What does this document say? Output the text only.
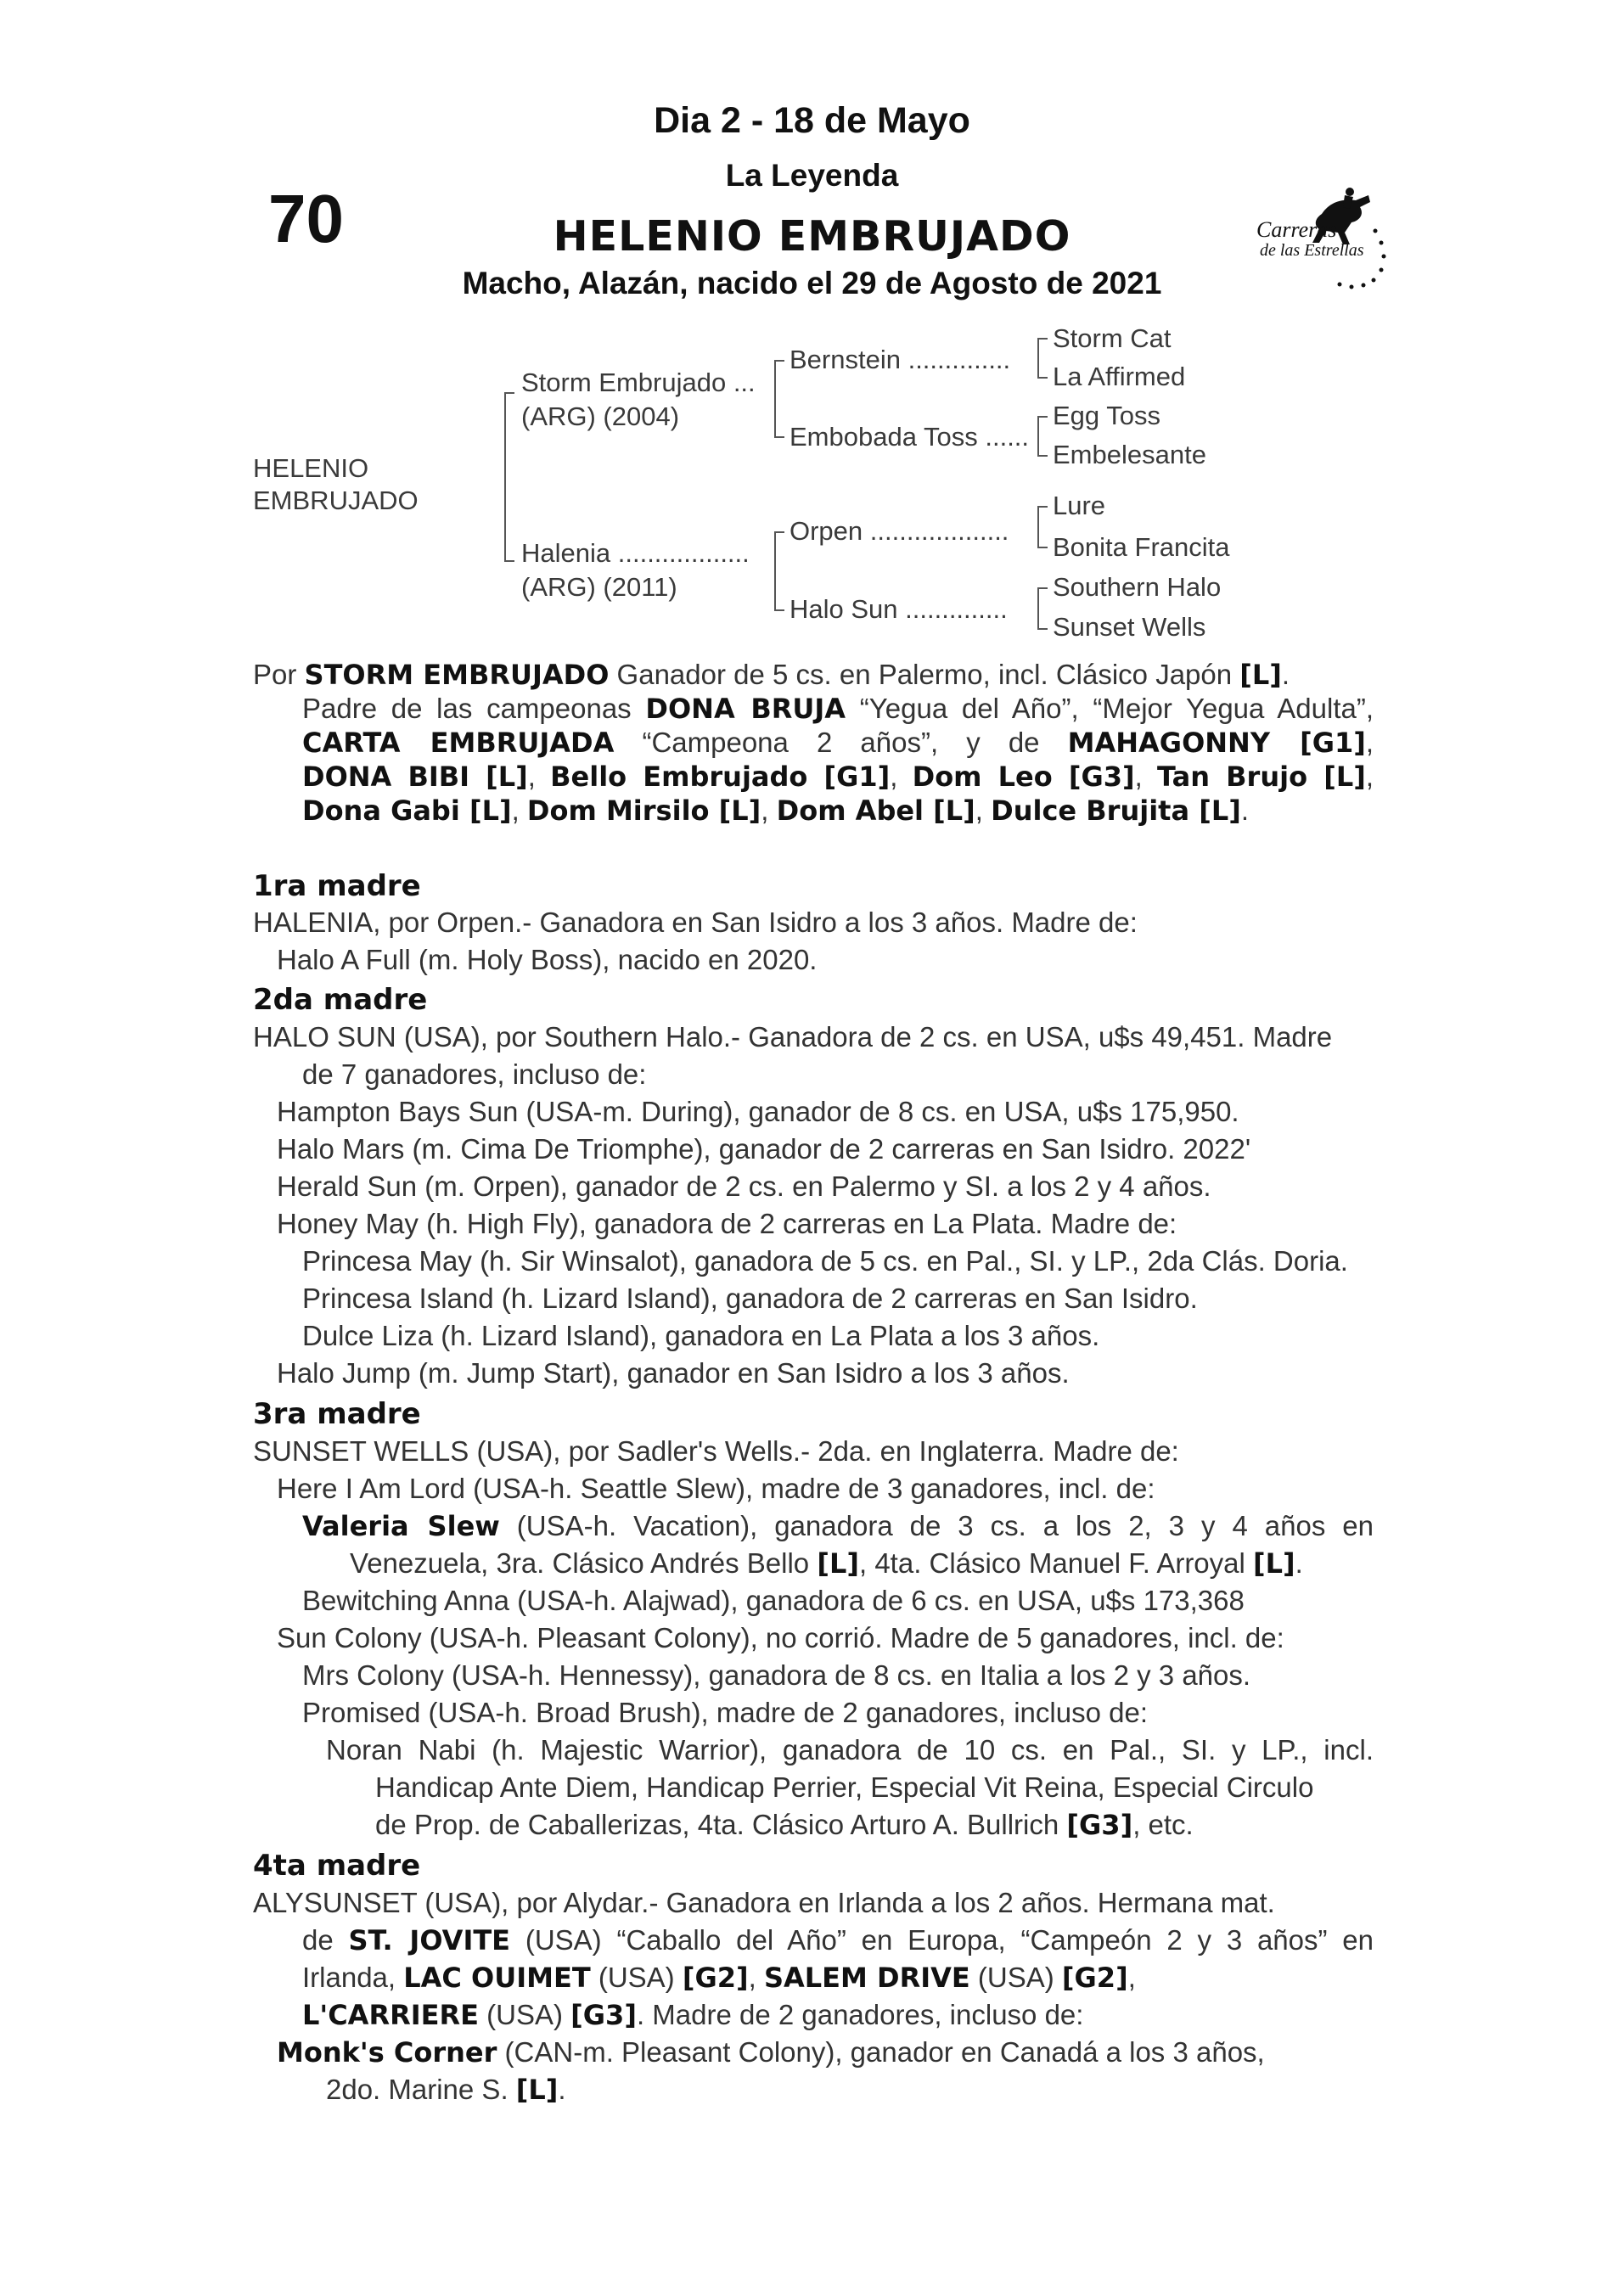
Dia 2 - 18 de Mayo
La Leyenda
70	HELENIO EMBRUJADO
Macho, Alazán, nacido el 29 de Agosto de 2021
Carreras
de las Estrellas
HELENIO
EMBRUJADO
Storm Embrujado ...
(ARG) (2004)
Halenia ..................
(ARG) (2011)
Bernstein ..............
Embobada Toss ......
Orpen ...................
Halo Sun ..............
Storm Cat
La Affirmed
Egg Toss
Embelesante
Lure
Bonita Francita
Southern Halo
Sunset Wells
Por STORM EMBRUJADO Ganador de 5 cs. en Palermo, incl. Clásico Japón [L].
Padre de las campeonas DONA BRUJA “Yegua del Año”, “Mejor Yegua Adulta”,
CARTA EMBRUJADA “Campeona 2 años”, y de MAHAGONNY [G1],
DONA BIBI [L], Bello Embrujado [G1], Dom Leo [G3], Tan Brujo [L],
Dona Gabi [L], Dom Mirsilo [L], Dom Abel [L], Dulce Brujita [L].
1ra madre
HALENIA, por Orpen.- Ganadora en San Isidro a los 3 años. Madre de:
Halo A Full (m. Holy Boss), nacido en 2020.
2da madre
HALO SUN (USA), por Southern Halo.- Ganadora de 2 cs. en USA, u$s 49,451. Madre
de 7 ganadores, incluso de:
Hampton Bays Sun (USA-m. During), ganador de 8 cs. en USA, u$s 175,950.
Halo Mars (m. Cima De Triomphe), ganador de 2 carreras en San Isidro. 2022'
Herald Sun (m. Orpen), ganador de 2 cs. en Palermo y SI. a los 2 y 4 años.
Honey May (h. High Fly), ganadora de 2 carreras en La Plata. Madre de:
Princesa May (h. Sir Winsalot), ganadora de 5 cs. en Pal., SI. y LP., 2da Clás. Doria.
Princesa Island (h. Lizard Island), ganadora de 2 carreras en San Isidro.
Dulce Liza (h. Lizard Island), ganadora en La Plata a los 3 años.
Halo Jump (m. Jump Start), ganador en San Isidro a los 3 años.
3ra madre
SUNSET WELLS (USA), por Sadler's Wells.- 2da. en Inglaterra. Madre de:
Here I Am Lord (USA-h. Seattle Slew), madre de 3 ganadores, incl. de:
Valeria Slew (USA-h. Vacation), ganadora de 3 cs. a los 2, 3 y 4 años en
Venezuela, 3ra. Clásico Andrés Bello [L], 4ta. Clásico Manuel F. Arroyal [L].
Bewitching Anna (USA-h. Alajwad), ganadora de 6 cs. en USA, u$s 173,368
Sun Colony (USA-h. Pleasant Colony), no corrió. Madre de 5 ganadores, incl. de:
Mrs Colony (USA-h. Hennessy), ganadora de 8 cs. en Italia a los 2 y 3 años.
Promised (USA-h. Broad Brush), madre de 2 ganadores, incluso de:
Noran Nabi (h. Majestic Warrior), ganadora de 10 cs. en Pal., SI. y LP., incl.
Handicap Ante Diem, Handicap Perrier, Especial Vit Reina, Especial Circulo
de Prop. de Caballerizas, 4ta. Clásico Arturo A. Bullrich [G3], etc.
4ta madre
ALYSUNSET (USA), por Alydar.- Ganadora en Irlanda a los 2 años. Hermana mat.
de ST. JOVITE (USA) “Caballo del Año” en Europa, “Campeón 2 y 3 años” en
Irlanda, LAC OUIMET (USA) [G2], SALEM DRIVE (USA) [G2],
L'CARRIERE (USA) [G3]. Madre de 2 ganadores, incluso de:
Monk's Corner (CAN-m. Pleasant Colony), ganador en Canadá a los 3 años,
2do. Marine S. [L].
